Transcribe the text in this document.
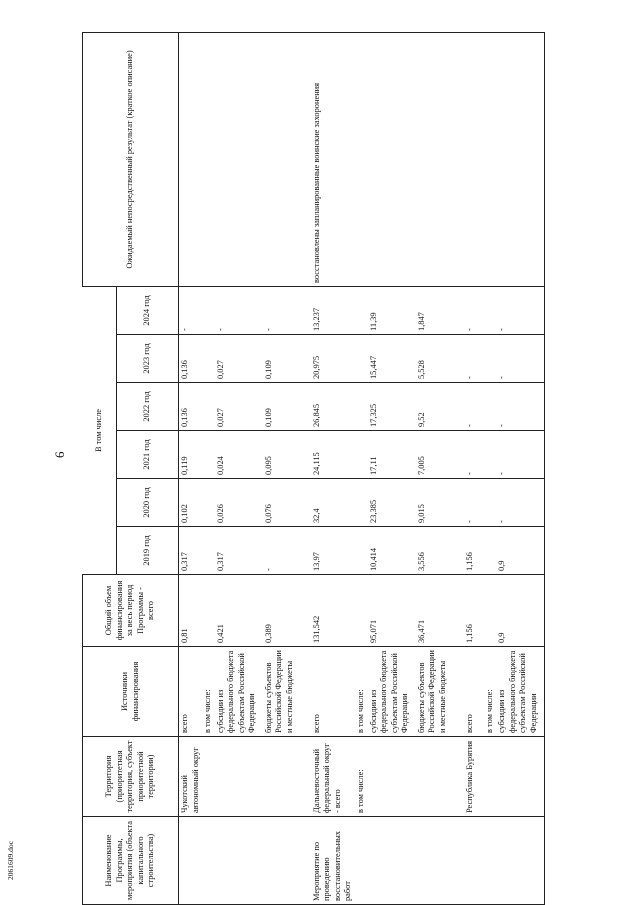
6
2061609.doc	Наименование Программы, мероприятия (объекта капитального строительства)	Территория (приоритетная территория, субъект приоритетной территории)	Источники финансирования	Общий объем финансирования за весь период Программы - всего	В том числе						Ожидаемый непосредственный результат (краткое описание)
				2019 год	2020 год	2021 год	2022 год	2023 год	2024 год	
	Чукотский автономный округ	всего	0,81	0,317	0,102	0,119	0,136	0,136	-	
		в том числе:								
		субсидии из федерального бюджета субъектам Российской Федерации	0,421	0,317	0,026	0,024	0,027	0,027	-	
		бюджеты субъектов Российской Федерации и местные бюджеты	0,389	-	0,076	0,095	0,109	0,109	-	
Мероприятие по проведению восстановительных работ	Дальневосточный федеральный округ - всего	всего	131,542	13,97	32,4	24,115	26,845	20,975	13,237	восстановлены запланированные воинские захоронения
	в том числе:	в том числе:								
		субсидии из федерального бюджета субъектам Российской Федерации	95,071	10,414	23,385	17,11	17,325	15,447	11,39	
		бюджеты субъектов Российской Федерации и местные бюджеты	36,471	3,556	9,015	7,005	9,52	5,528	1,847	
	Республика Бурятия	всего	1,156	1,156	-	-	-	-	-	
		в том числе:								
		субсидии из федерального бюджета субъектам Российской Федерации	0,9	0,9	-	-	-	-	-	
